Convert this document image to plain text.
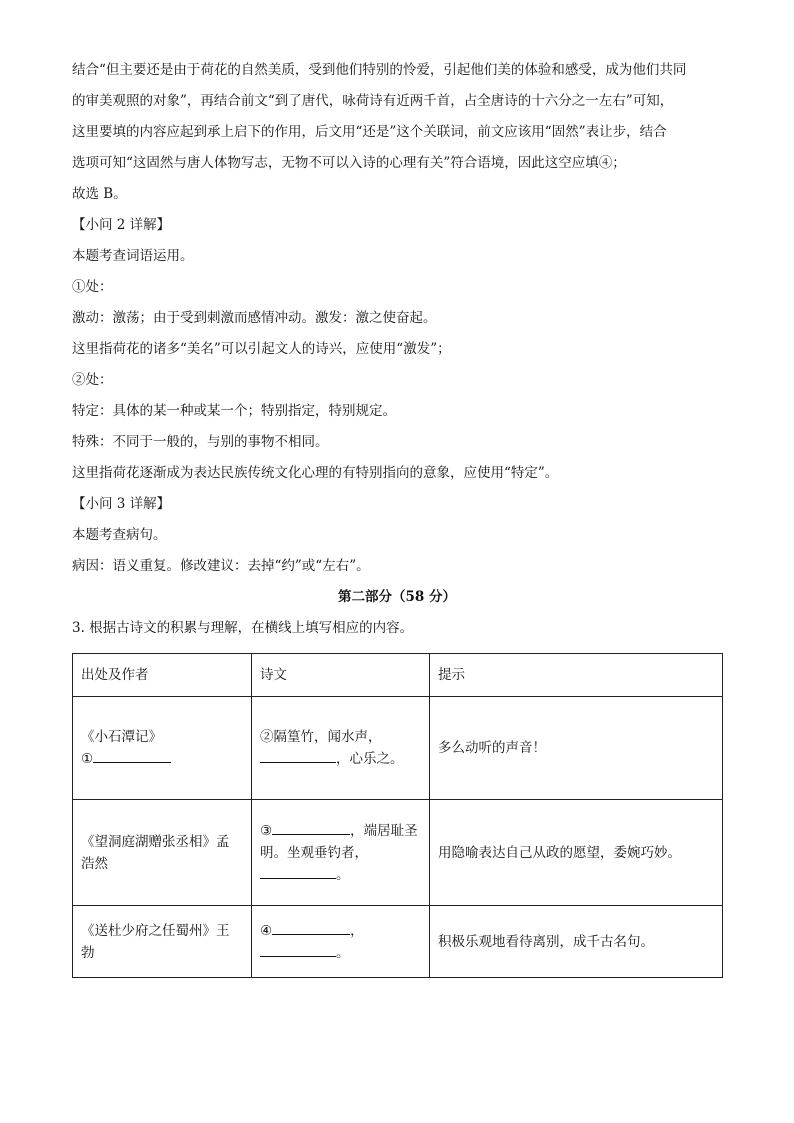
结合“但主要还是由于荷花的自然美质，受到他们特别的怜爱，引起他们美的体验和感受，成为他们共同
的审美观照的对象”，再结合前文“到了唐代，咏荷诗有近两千首，占全唐诗的十六分之一左右”可知，
这里要填的内容应起到承上启下的作用，后文用“还是”这个关联词，前文应该用“固然”表让步，结合
选项可知“这固然与唐人体物写志，无物不可以入诗的心理有关”符合语境，因此这空应填④；
故选 B。
【小问 2 详解】
本题考查词语运用。
①处：
激动：激荡；由于受到刺激而感情冲动。激发：激之使奋起。
这里指荷花的诸多“美名”可以引起文人的诗兴，应使用“激发”；
②处：
特定：具体的某一种或某一个；特别指定，特别规定。
特殊：不同于一般的，与别的事物不相同。
这里指荷花逐渐成为表达民族传统文化心理的有特别指向的意象，应使用“特定”。
【小问 3 详解】
本题考查病句。
病因：语义重复。修改建议：去掉“约”或“左右”。
第二部分（58 分）
3. 根据古诗文的积累与理解，在横线上填写相应的内容。
出处及作者	诗文	提示

《小石潭记》
①	②隔篁竹，闻水声，
，心乐之。	多么动听的声音！

《望洞庭湖赠张丞相》孟
浩然	③ ，端居耻圣
明。坐观垂钓者，
。	用隐喻表达自己从政的愿望，委婉巧妙。

《送杜少府之任蜀州》王
勃	④ ，
。	积极乐观地看待离别，成千古名句。
